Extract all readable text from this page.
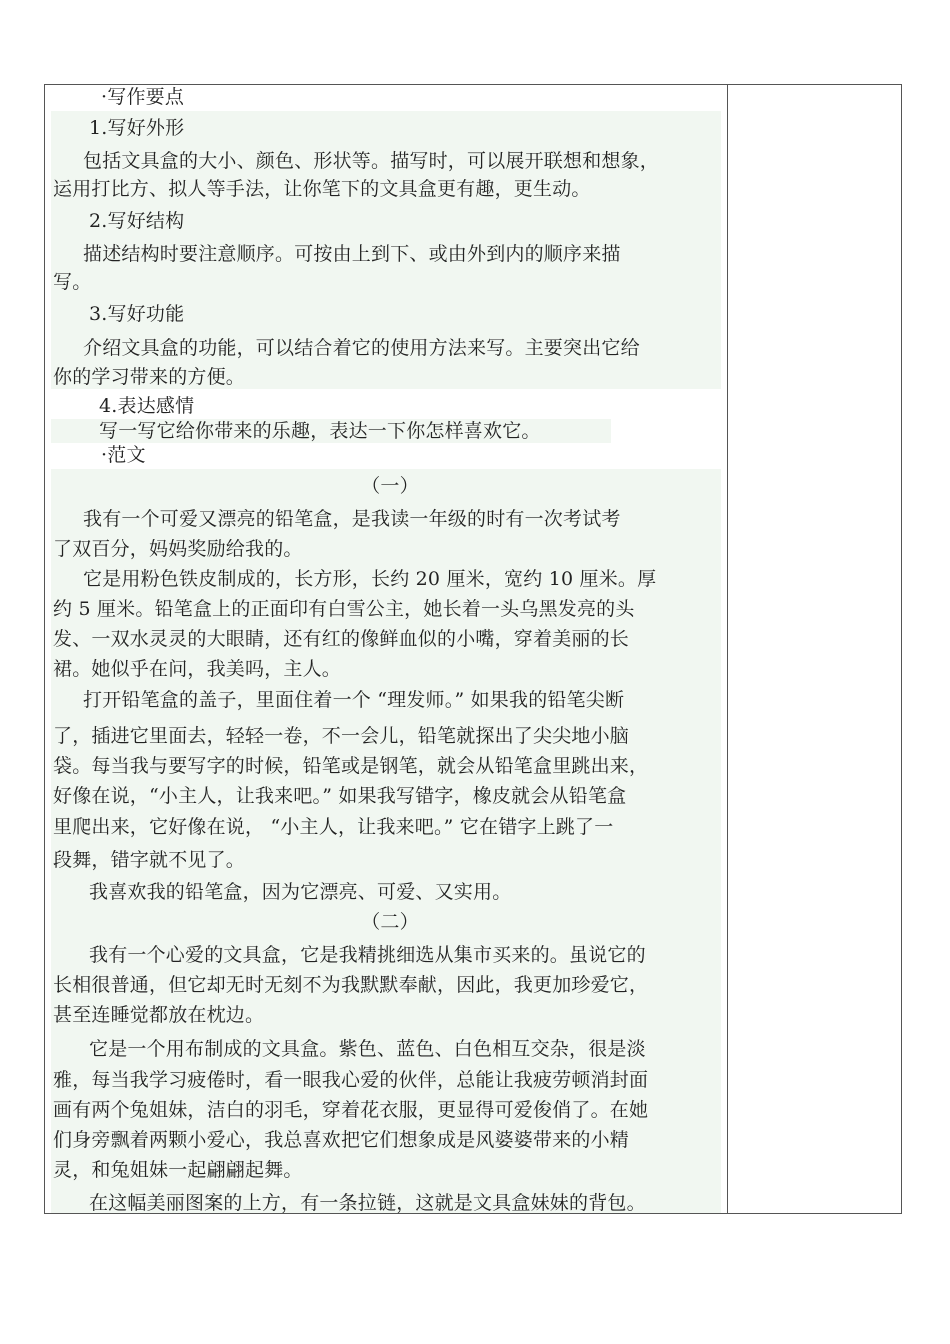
·写作要点
1.写好外形
包括文具盒的大小、颜色、形状等。描写时，可以展开联想和想象，
运用打比方、拟人等手法，让你笔下的文具盒更有趣，更生动。
2.写好结构
描述结构时要注意顺序。可按由上到下、或由外到内的顺序来描
写。
3.写好功能
介绍文具盒的功能，可以结合着它的使用方法来写。主要突出它给
你的学习带来的方便。
4.表达感情
写一写它给你带来的乐趣，表达一下你怎样喜欢它。
·范文
（一）
我有一个可爱又漂亮的铅笔盒，是我读一年级的时有一次考试考
了双百分，妈妈奖励给我的。
它是用粉色铁皮制成的，长方形，长约 20 厘米，宽约 10 厘米。厚
约 5 厘米。铅笔盒上的正面印有白雪公主，她长着一头乌黑发亮的头
发、一双水灵灵的大眼睛，还有红的像鲜血似的小嘴，穿着美丽的长
裙。她似乎在问，我美吗，主人。
打开铅笔盒的盖子，里面住着一个 “理发师。” 如果我的铅笔尖断
了，插进它里面去，轻轻一卷，不一会儿，铅笔就探出了尖尖地小脑
袋。每当我与要写字的时候，铅笔或是钢笔，就会从铅笔盒里跳出来，
好像在说，“小主人，让我来吧。” 如果我写错字，橡皮就会从铅笔盒
里爬出来，它好像在说， “小主人，让我来吧。” 它在错字上跳了一
段舞，错字就不见了。
我喜欢我的铅笔盒，因为它漂亮、可爱、又实用。
（二）
我有一个心爱的文具盒，它是我精挑细选从集市买来的。虽说它的
长相很普通，但它却无时无刻不为我默默奉献，因此，我更加珍爱它，
甚至连睡觉都放在枕边。
它是一个用布制成的文具盒。紫色、蓝色、白色相互交杂，很是淡
雅，每当我学习疲倦时，看一眼我心爱的伙伴，总能让我疲劳顿消封面
画有两个兔姐妹，洁白的羽毛，穿着花衣服，更显得可爱俊俏了。在她
们身旁飘着两颗小爱心，我总喜欢把它们想象成是风婆婆带来的小精
灵，和兔姐妹一起翩翩起舞。
在这幅美丽图案的上方，有一条拉链，这就是文具盒妹妹的背包。
